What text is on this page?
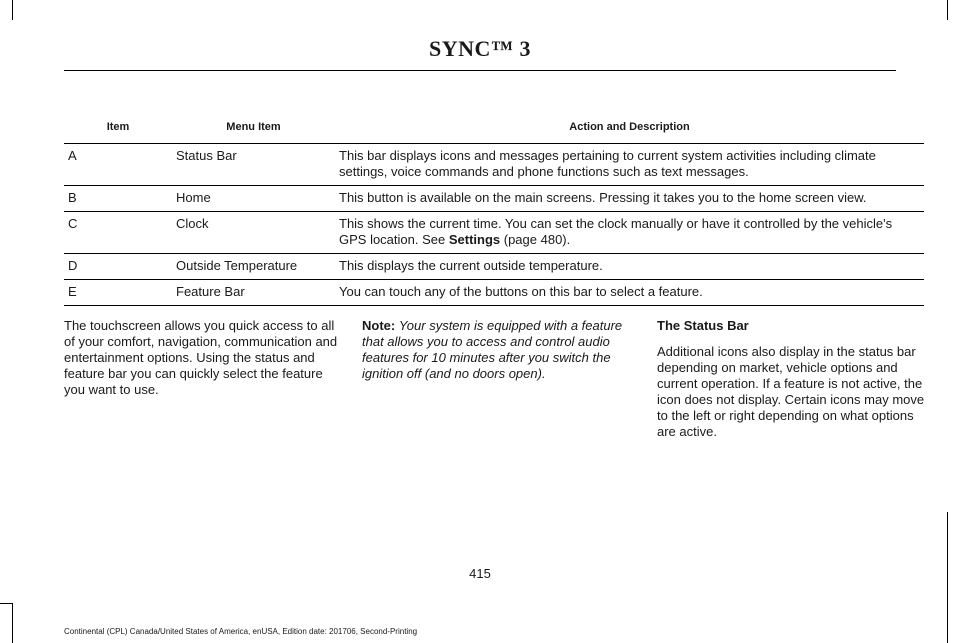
SYNC™ 3
Item	Menu Item	Action and Description
A	Status Bar	This bar displays icons and messages pertaining to current system activities including climate settings, voice commands and phone functions such as text messages.
B	Home	This button is available on the main screens. Pressing it takes you to the home screen view.
C	Clock	This shows the current time. You can set the clock manually or have it controlled by the vehicle's GPS location. See Settings (page 480).
D	Outside Temperature	This displays the current outside temperature.
E	Feature Bar	You can touch any of the buttons on this bar to select a feature.

The touchscreen allows you quick access to all of your comfort, navigation, communication and entertainment options. Using the status and feature bar you can quickly select the feature you want to use.

Note: Your system is equipped with a feature that allows you to access and control audio features for 10 minutes after you switch the ignition off (and no doors open).

The Status Bar

Additional icons also display in the status bar depending on market, vehicle options and current operation. If a feature is not active, the icon does not display. Certain icons may move to the left or right depending on what options are active.

415
Continental (CPL) Canada/United States of America, enUSA, Edition date: 201706, Second-Printing
